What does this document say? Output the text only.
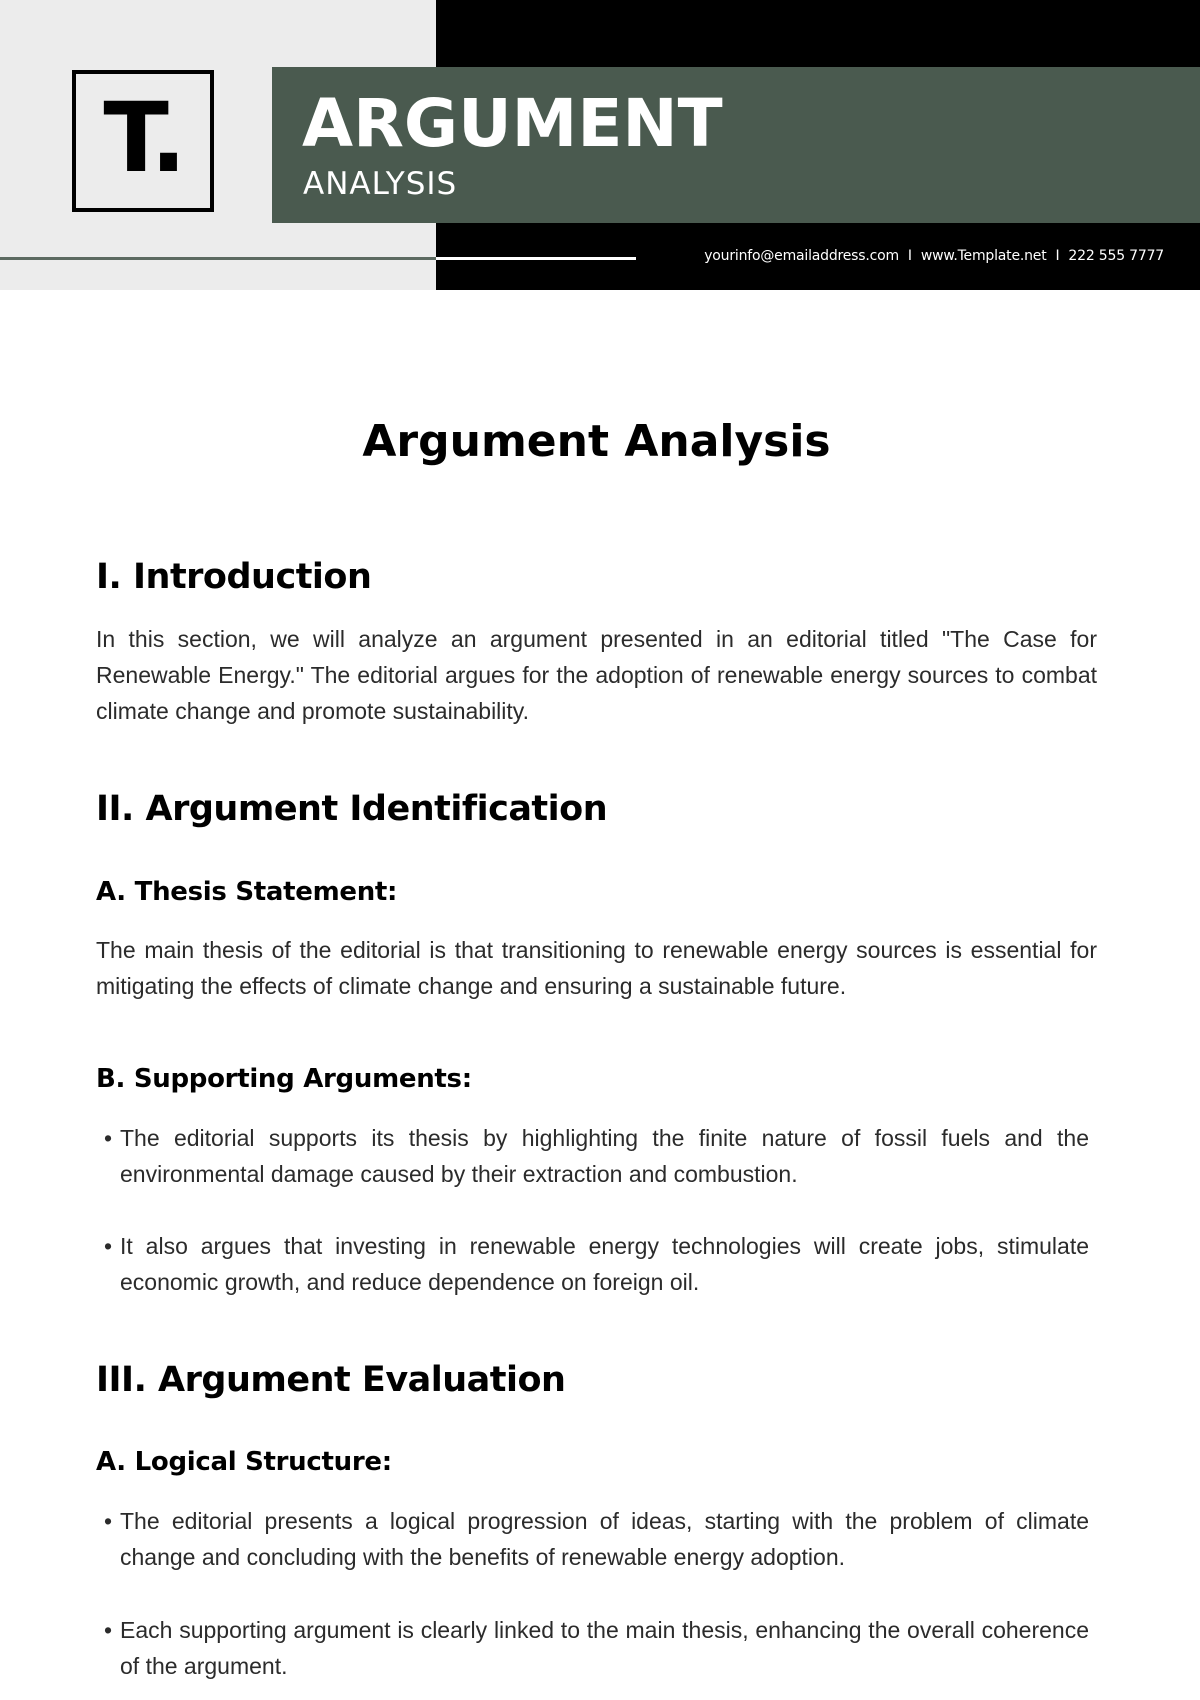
T. ARGUMENT
ANALYSIS
yourinfo@emailaddress.com I www.Template.net I 222 555 7777
Argument Analysis
I. Introduction

In this section, we will analyze an argument presented in an editorial titled "The Case for Renewable Energy." The editorial argues for the adoption of renewable energy sources to combat climate change and promote sustainability.

II. Argument Identification
A. Thesis Statement:

The main thesis of the editorial is that transitioning to renewable energy sources is essential for mitigating the effects of climate change and ensuring a sustainable future.

B. Supporting Arguments:
• The editorial supports its thesis by highlighting the finite nature of fossil fuels and the environmental damage caused by their extraction and combustion.
• It also argues that investing in renewable energy technologies will create jobs, stimulate economic growth, and reduce dependence on foreign oil.
III. Argument Evaluation
A. Logical Structure:
• The editorial presents a logical progression of ideas, starting with the problem of climate change and concluding with the benefits of renewable energy adoption.
• Each supporting argument is clearly linked to the main thesis, enhancing the overall coherence of the argument.
